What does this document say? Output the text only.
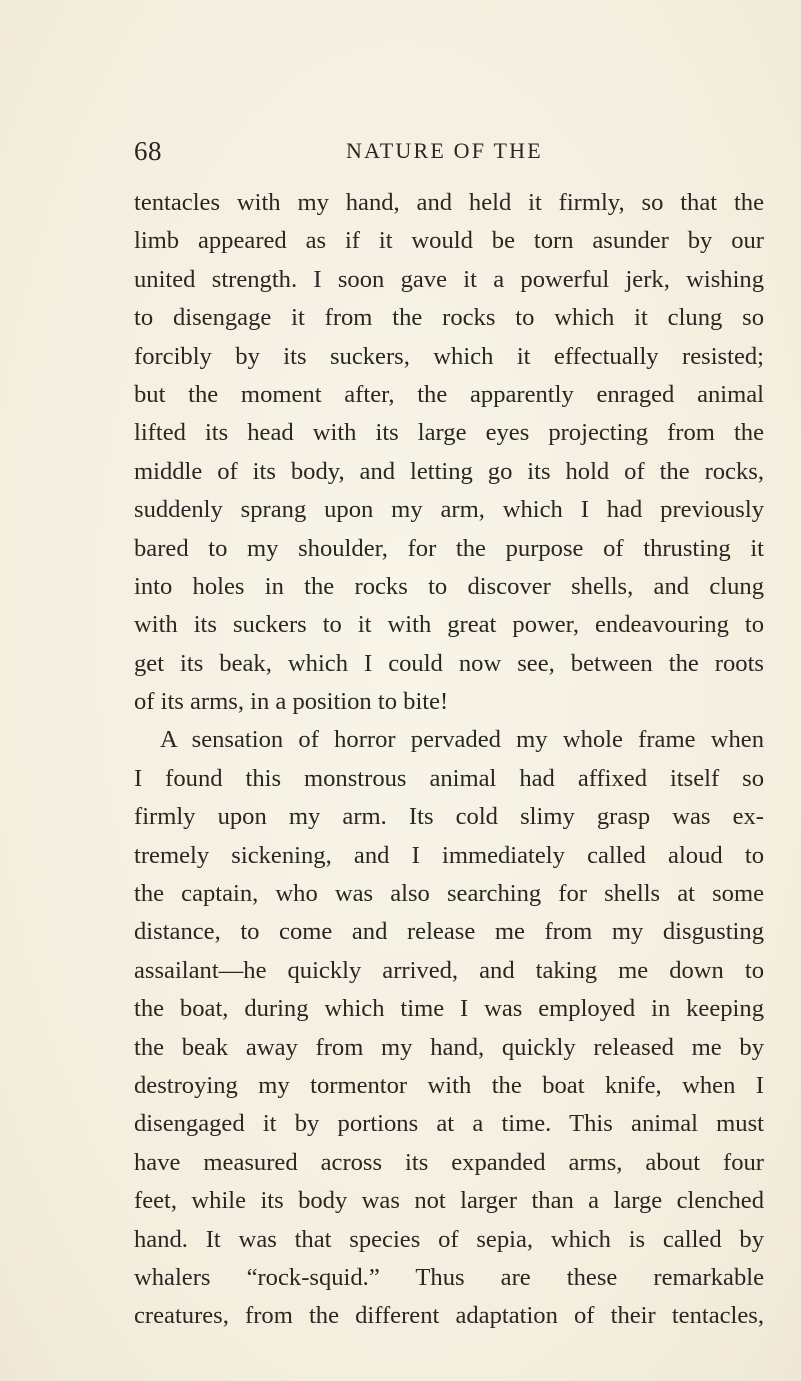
68	NATURE OF THE
tentacles with my hand, and held it firmly, so that the
limb appeared as if it would be torn asunder by our
united strength. I soon gave it a powerful jerk, wishing
to disengage it from the rocks to which it clung so
forcibly by its suckers, which it effectually resisted;
but the moment after, the apparently enraged animal
lifted its head with its large eyes projecting from the
middle of its body, and letting go its hold of the rocks,
suddenly sprang upon my arm, which I had previously
bared to my shoulder, for the purpose of thrusting it
into holes in the rocks to discover shells, and clung
with its suckers to it with great power, endeavouring to
get its beak, which I could now see, between the roots
of its arms, in a position to bite!
A sensation of horror pervaded my whole frame when
I found this monstrous animal had affixed itself so
firmly upon my arm. Its cold slimy grasp was ex-
tremely sickening, and I immediately called aloud to
the captain, who was also searching for shells at some
distance, to come and release me from my disgusting
assailant—he quickly arrived, and taking me down to
the boat, during which time I was employed in keeping
the beak away from my hand, quickly released me by
destroying my tormentor with the boat knife, when I
disengaged it by portions at a time. This animal must
have measured across its expanded arms, about four
feet, while its body was not larger than a large clenched
hand. It was that species of sepia, which is called by
whalers “rock-squid.” Thus are these remarkable
creatures, from the different adaptation of their tentacles,
